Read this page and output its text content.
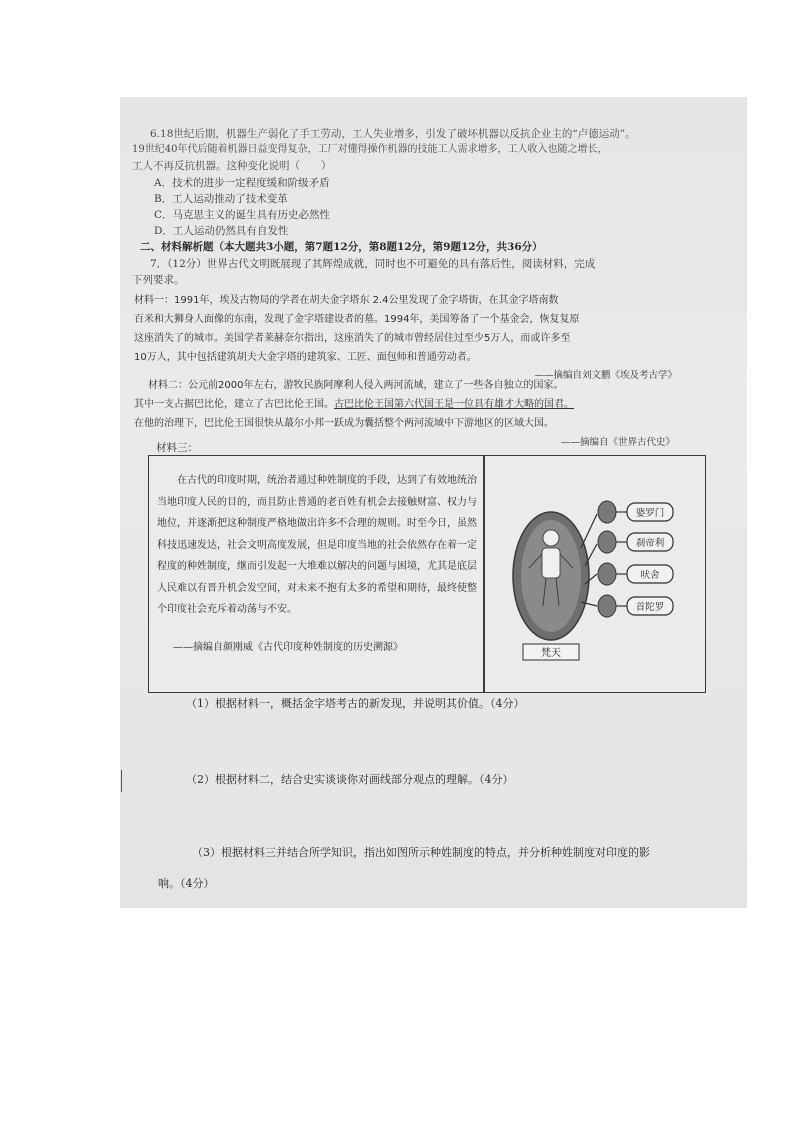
6.18世纪后期，机器生产弱化了手工劳动，工人失业增多，引发了破坏机器以反抗企业主的“卢德运动”。
19世纪40年代后随着机器日益变得复杂，工厂对懂得操作机器的技能工人需求增多，工人收入也随之增长，
工人不再反抗机器。这种变化说明（　　）
A．技术的进步一定程度缓和阶级矛盾
B．工人运动推动了技术变革
C．马克思主义的诞生具有历史必然性
D．工人运动仍然具有自发性
二、材料解析题（本大题共3小题，第7题12分，第8题12分，第9题12分，共36分）
7．（12分）世界古代文明既展现了其辉煌成就，同时也不可避免的具有落后性，阅读材料，完成
下列要求。
材料一：1991年，埃及古物局的学者在胡夫金字塔东 2.4公里发现了金字塔街，在其金字塔南数
百米和大狮身人面像的东南，发现了金字塔建设者的墓。1994年，美国筹备了一个基金会，恢复复原
这座消失了的城市。美国学者莱赫奈尔指出，这座消失了的城市曾经居住过至少5万人，而或许多至
10万人，其中包括建筑胡夫大金字塔的建筑家、工匠、面包师和普通劳动者。
——摘编自刘文鹏《埃及考古学》
材料二：公元前2000年左右，游牧民族阿摩利人侵入两河流域，建立了一些各自独立的国家。
其中一支占据巴比伦，建立了古巴比伦王国。古巴比伦王国第六代国王是一位具有雄才大略的国君。
在他的治理下，巴比伦王国很快从蕞尔小邦一跃成为囊括整个两河流域中下游地区的区域大国。
——摘编自《世界古代史》
材料三：

在古代的印度时期，统治者通过种姓制度的手段，达到了有效地统治当地印度人民的目的，而且防止普通的老百姓有机会去接触财富、权力与地位，并逐渐把这种制度严格地做出许多不合理的规则。时至今日，虽然科技迅速发达，社会文明高度发展，但是印度当地的社会依然存在着一定程度的种姓制度，继而引发起一大堆难以解决的问题与困境，尤其是底层人民难以有晋升机会发空间，对未来不抱有太多的希望和期待，最终使整个印度社会充斥着动荡与不安。

——摘编自颜刚威《古代印度种姓制度的历史溯源》
梵天
婆罗门
刹帝利
吠舍
首陀罗
（1）根据材料一，概括金字塔考古的新发现，并说明其价值。（4分）
（2）根据材料二，结合史实谈谈你对画线部分观点的理解。（4分）
（3）根据材料三并结合所学知识，指出如图所示种姓制度的特点，并分析种姓制度对印度的影
响。（4分）
